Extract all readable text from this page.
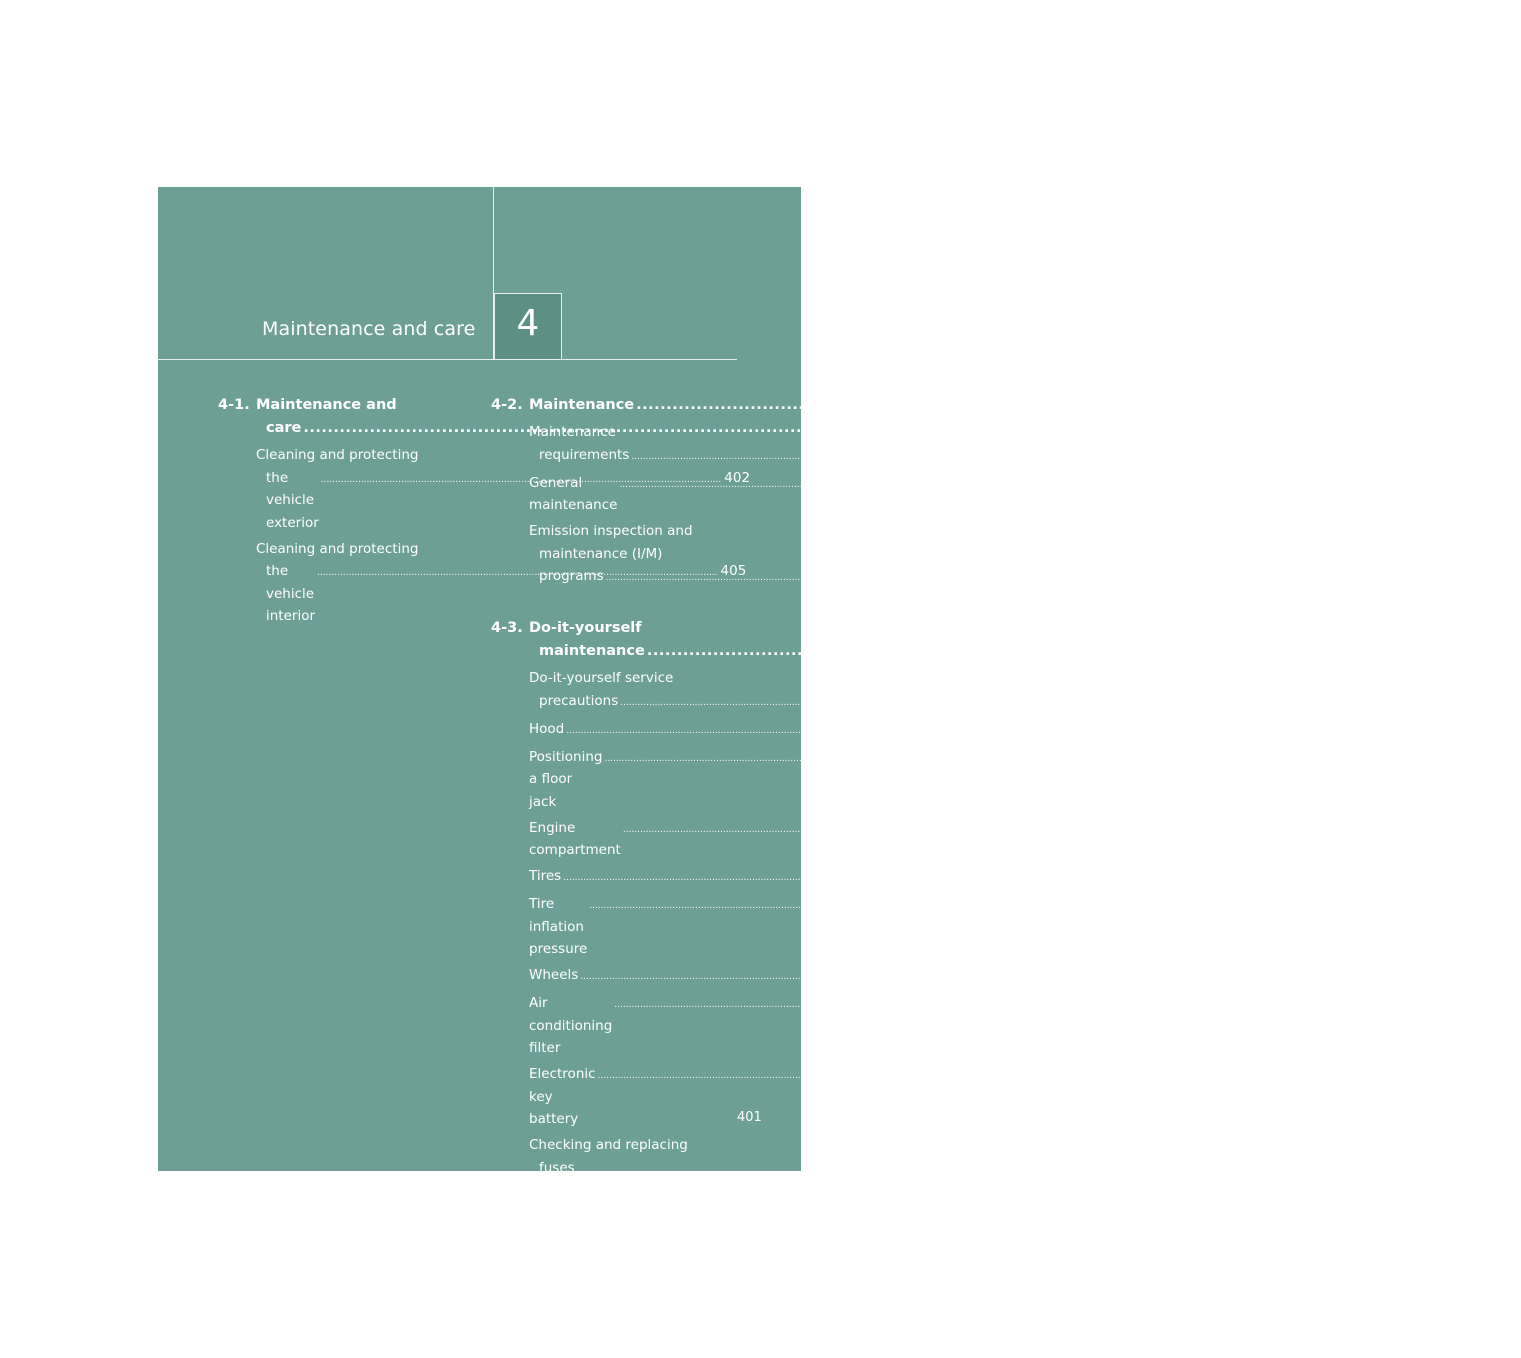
Maintenance and care	4
4-1. Maintenance and
care .....	402
Cleaning and protecting
the vehicle exterior
.....
402
Cleaning and protecting
the vehicle interior
.....
405
4-2. Maintenance .....	408
Maintenance
requirements .....	408
General maintenance
.....
410
Emission inspection and
maintenance (I/M)
programs .....	413
4-3. Do-it-yourself
maintenance .....	414
Do-it-yourself service
precautions .....	414
Hood .....	417
Positioning a floor jack
.....
418
Engine compartment
.....
420
Tires .....	435
Tire inflation pressure
.....
445
Wheels .....	449
Air conditioning filter
.....
451
Electronic key battery
.....
454
Checking and replacing
fuses .....	456
Headlight aim
.....
471
Light bulbs
.....
474
401
